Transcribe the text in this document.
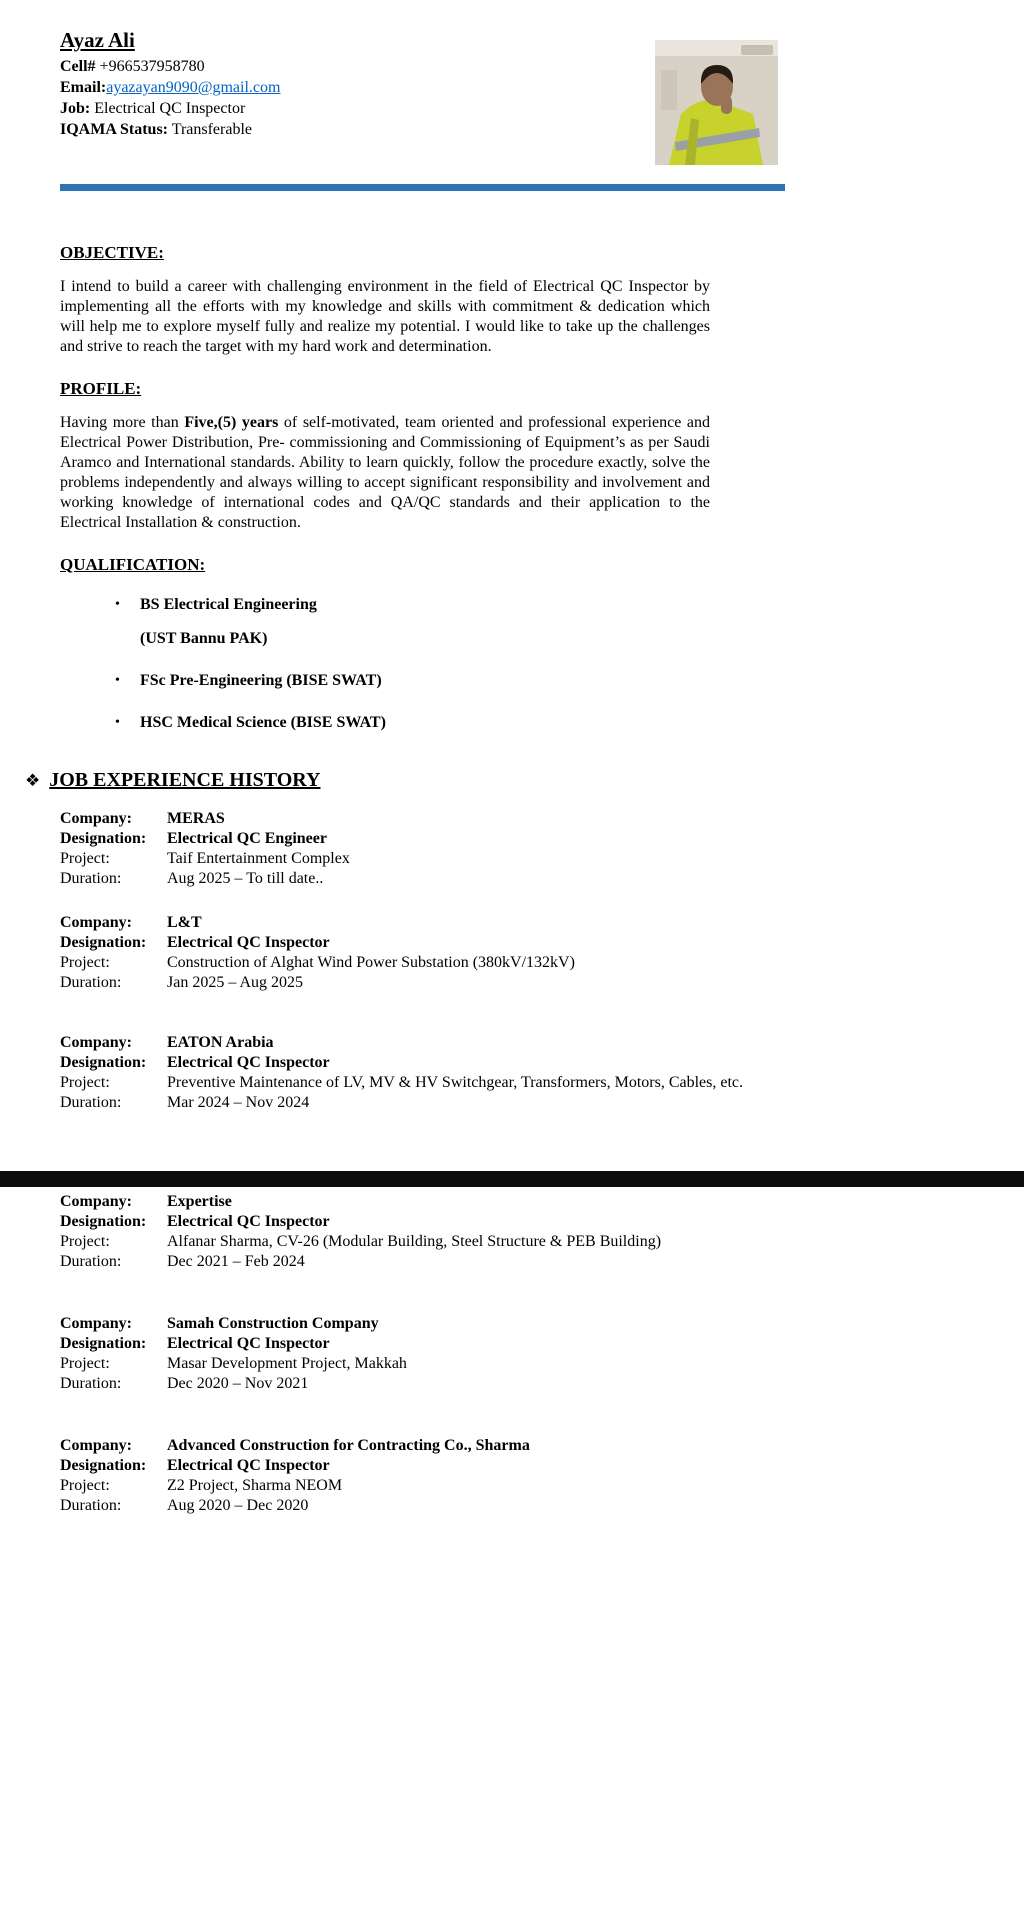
Ayaz Ali
Cell# +966537958780
Email:ayazayan9090@gmail.com
Job: Electrical QC Inspector
IQAMA Status: Transferable
OBJECTIVE:

I intend to build a career with challenging environment in the field of Electrical QC Inspector by implementing all the efforts with my knowledge and skills with commitment & dedication which will help me to explore myself fully and realize my potential. I would like to take up the challenges and strive to reach the target with my hard work and determination.

PROFILE:

Having more than Five,(5) years of self-motivated, team oriented and professional experience and Electrical Power Distribution, Pre- commissioning and Commissioning of Equipment’s as per Saudi Aramco and International standards. Ability to learn quickly, follow the procedure exactly, solve the problems independently and always willing to accept significant responsibility and involvement and working knowledge of international codes and QA/QC standards and their application to the Electrical Installation & construction.

QUALIFICATION:
•	BS Electrical Engineering
(UST Bannu PAK)
•	FSc Pre-Engineering (BISE SWAT)
•	HSC Medical Science (BISE SWAT)
❖ JOB EXPERIENCE HISTORY
Company:	MERAS
Designation:	Electrical QC Engineer
Project:	Taif Entertainment Complex
Duration:	Aug 2025 – To till date..
Company:	L&T
Designation:	Electrical QC Inspector
Project:	Construction of Alghat Wind Power Substation (380kV/132kV)
Duration:	Jan 2025 – Aug 2025
Company:	EATON Arabia
Designation:	Electrical QC Inspector
Project:	Preventive Maintenance of LV, MV & HV Switchgear, Transformers, Motors, Cables, etc.
Duration:	Mar 2024 – Nov 2024
Company:	Expertise
Designation:	Electrical QC Inspector
Project:	Alfanar Sharma, CV-26 (Modular Building, Steel Structure & PEB Building)
Duration:	Dec 2021 – Feb 2024
Company:	Samah Construction Company
Designation:	Electrical QC Inspector
Project:	Masar Development Project, Makkah
Duration:	Dec 2020 – Nov 2021
Company:	Advanced Construction for Contracting Co., Sharma
Designation:	Electrical QC Inspector
Project:	Z2 Project, Sharma NEOM
Duration:	Aug 2020 – Dec 2020
